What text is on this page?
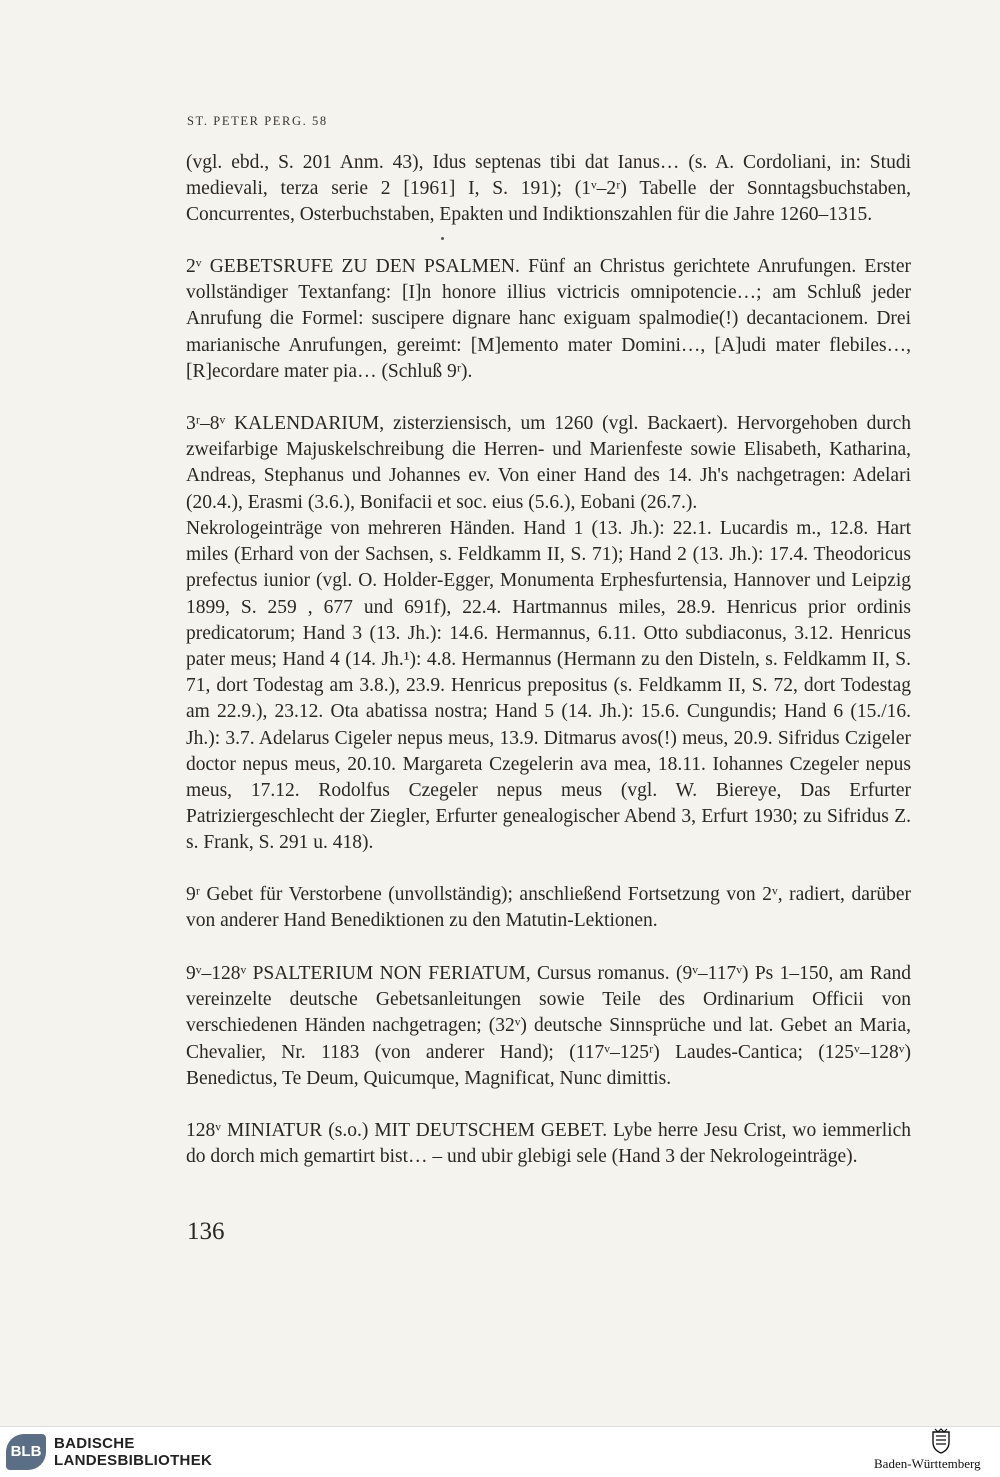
ST. PETER PERG. 58

(vgl. ebd., S. 201 Anm. 43), Idus septenas tibi dat Ianus… (s. A. Cordoliani, in: Studi medievali, terza serie 2 [1961] I, S. 191); (1ᵛ–2ʳ) Tabelle der Sonntagsbuchstaben, Concurrentes, Osterbuchstaben, Epakten und Indiktionszahlen für die Jahre 1260–1315.

2ᵛ GEBETSRUFE ZU DEN PSALMEN. Fünf an Christus gerichtete Anrufungen. Erster vollständiger Textanfang: [I]n honore illius victricis omnipotencie…; am Schluß jeder Anrufung die Formel: suscipere dignare hanc exiguam spalmodie(!) decantacionem. Drei marianische Anrufungen, gereimt: [M]emento mater Domini…, [A]udi mater flebiles…, [R]ecordare mater pia… (Schluß 9ʳ).

3ʳ–8ᵛ KALENDARIUM, zisterziensisch, um 1260 (vgl. Backaert). Hervorgehoben durch zweifarbige Majuskelschreibung die Herren- und Marienfeste sowie Elisabeth, Katharina, Andreas, Stephanus und Johannes ev. Von einer Hand des 14. Jh's nachgetragen: Adelari (20.4.), Erasmi (3.6.), Bonifacii et soc. eius (5.6.), Eobani (26.7.).

Nekrologeinträge von mehreren Händen. Hand 1 (13. Jh.): 22.1. Lucardis m., 12.8. Hart miles (Erhard von der Sachsen, s. Feldkamm II, S. 71); Hand 2 (13. Jh.): 17.4. Theodoricus prefectus iunior (vgl. O. Holder-Egger, Monumenta Erphesfurtensia, Hannover und Leipzig 1899, S. 259 , 677 und 691f), 22.4. Hartmannus miles, 28.9. Henricus prior ordinis predicatorum; Hand 3 (13. Jh.): 14.6. Hermannus, 6.11. Otto subdiaconus, 3.12. Henricus pater meus; Hand 4 (14. Jh.¹): 4.8. Hermannus (Hermann zu den Disteln, s. Feldkamm II, S. 71, dort Todestag am 3.8.), 23.9. Henricus prepositus (s. Feldkamm II, S. 72, dort Todestag am 22.9.), 23.12. Ota abatissa nostra; Hand 5 (14. Jh.): 15.6. Cungundis; Hand 6 (15./16. Jh.): 3.7. Adelarus Cigeler nepus meus, 13.9. Ditmarus avos(!) meus, 20.9. Sifridus Czigeler doctor nepus meus, 20.10. Margareta Czegelerin ava mea, 18.11. Iohannes Czegeler nepus meus, 17.12. Rodolfus Czegeler nepus meus (vgl. W. Biereye, Das Erfurter Patriziergeschlecht der Ziegler, Erfurter genealogischer Abend 3, Erfurt 1930; zu Sifridus Z. s. Frank, S. 291 u. 418).

9ʳ Gebet für Verstorbene (unvollständig); anschließend Fortsetzung von 2ᵛ, radiert, darüber von anderer Hand Benediktionen zu den Matutin-Lektionen.

9ᵛ–128ᵛ PSALTERIUM NON FERIATUM, Cursus romanus. (9ᵛ–117ᵛ) Ps 1–150, am Rand vereinzelte deutsche Gebetsanleitungen sowie Teile des Ordinarium Officii von verschiedenen Händen nachgetragen; (32ᵛ) deutsche Sinnsprüche und lat. Gebet an Maria, Chevalier, Nr. 1183 (von anderer Hand); (117ᵛ–125ʳ) Laudes-Cantica; (125ᵛ–128ᵛ) Benedictus, Te Deum, Quicumque, Magnificat, Nunc dimittis.

128ᵛ MINIATUR (s.o.) MIT DEUTSCHEM GEBET. Lybe herre Jesu Crist, wo iemmerlich do dorch mich gemartirt bist… – und ubir glebigi sele (Hand 3 der Nekrologeinträge).

136
BLB BADISCHE
LANDESBIBLIOTHEK	Baden-Württemberg
